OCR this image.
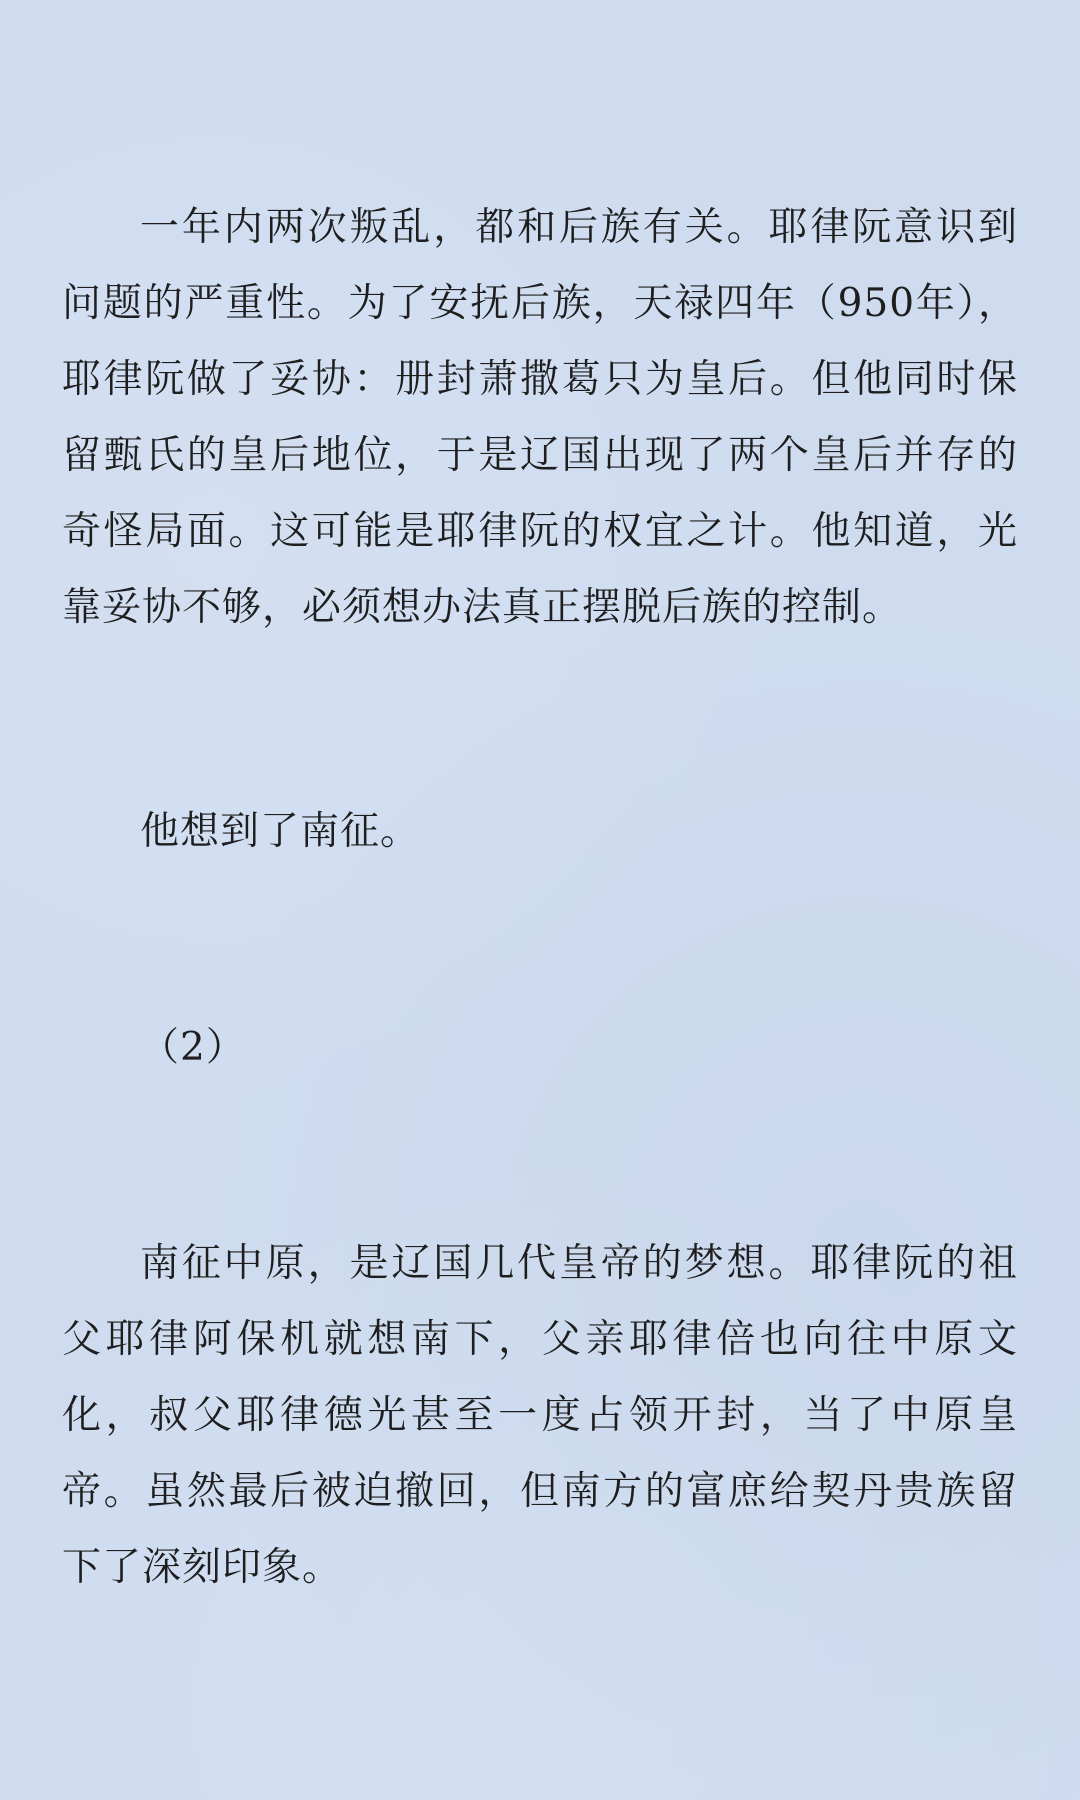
一年内两次叛乱，都和后族有关。耶律阮意识到问题的严重性。为了安抚后族，天禄四年（950年），耶律阮做了妥协：册封萧撒葛只为皇后。但他同时保留甄氏的皇后地位，于是辽国出现了两个皇后并存的奇怪局面。这可能是耶律阮的权宜之计。他知道，光靠妥协不够，必须想办法真正摆脱后族的控制。

他想到了南征。

（2）

南征中原，是辽国几代皇帝的梦想。耶律阮的祖父耶律阿保机就想南下，父亲耶律倍也向往中原文化，叔父耶律德光甚至一度占领开封，当了中原皇帝。虽然最后被迫撤回，但南方的富庶给契丹贵族留下了深刻印象。
